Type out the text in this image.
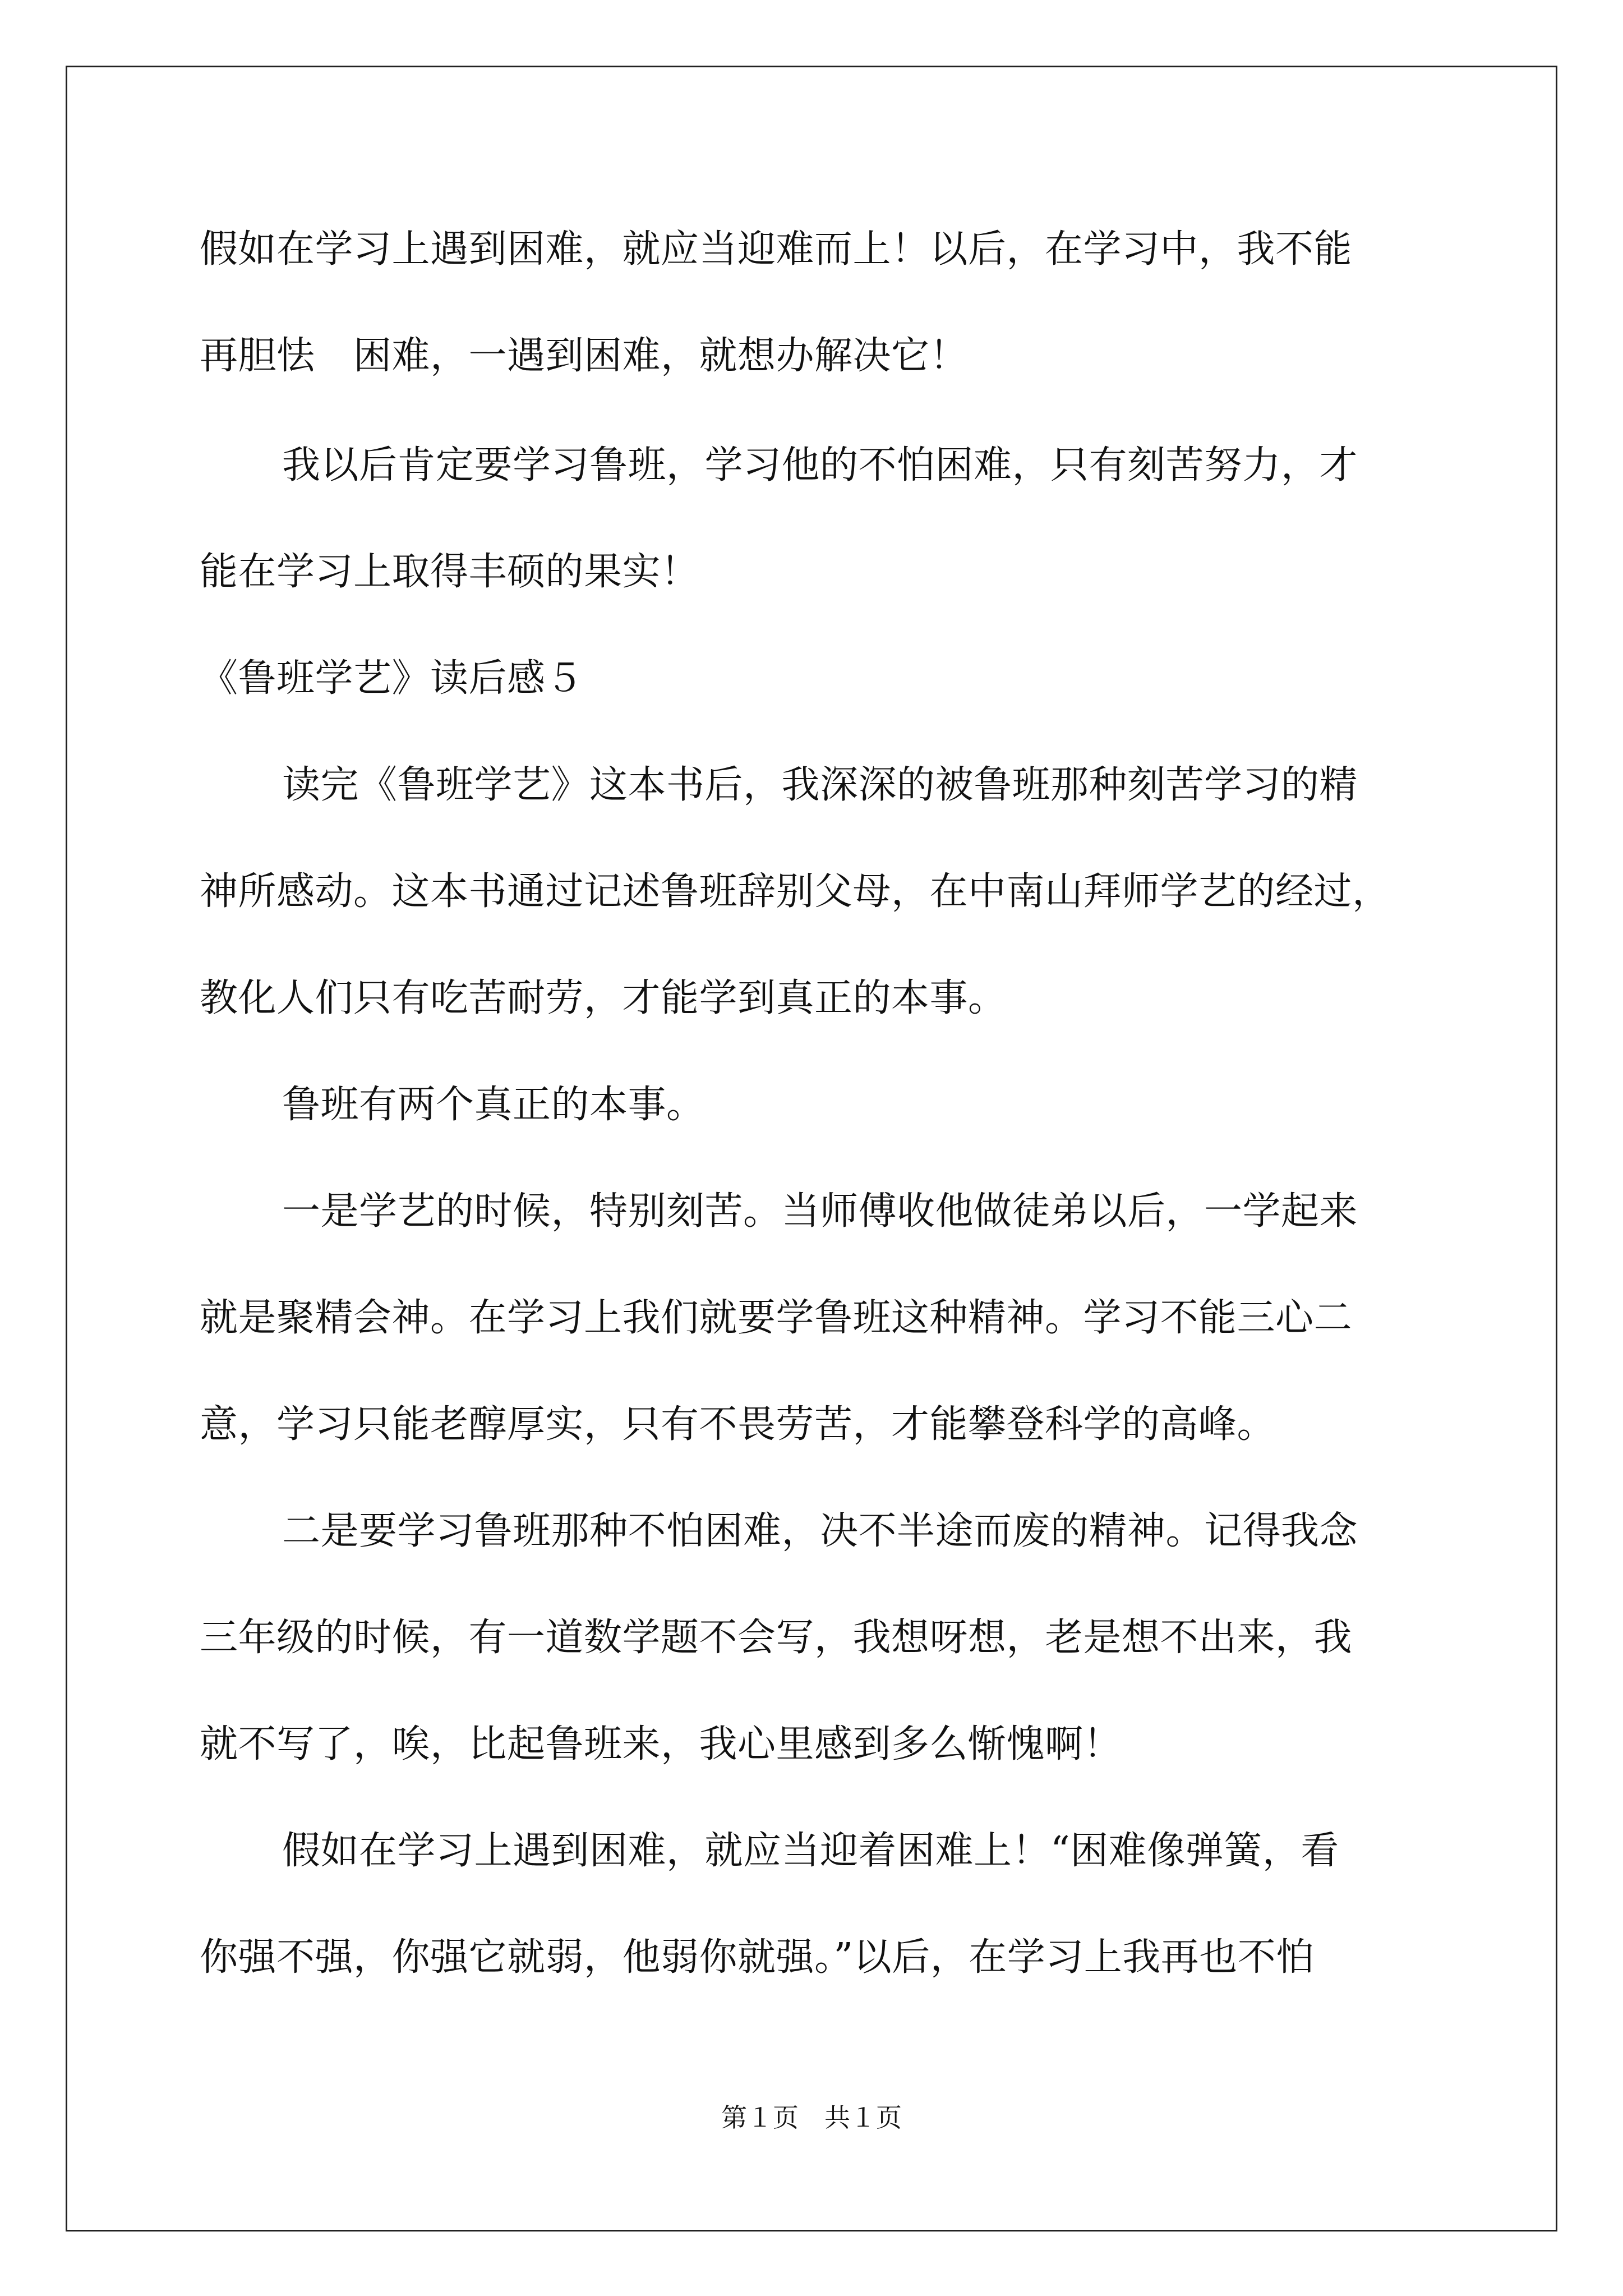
假如在学习上遇到困难，就应当迎难而上！以后，在学习中，我不能
再胆怯　困难，一遇到困难，就想办解决它！
我以后肯定要学习鲁班，学习他的不怕困难，只有刻苦努力，才
能在学习上取得丰硕的果实！
《鲁班学艺》读后感５
读完《鲁班学艺》这本书后，我深深的被鲁班那种刻苦学习的精
神所感动。这本书通过记述鲁班辞别父母，在中南山拜师学艺的经过，
教化人们只有吃苦耐劳，才能学到真正的本事。
鲁班有两个真正的本事。
一是学艺的时候，特别刻苦。当师傅收他做徒弟以后，一学起来
就是聚精会神。在学习上我们就要学鲁班这种精神。学习不能三心二
意，学习只能老醇厚实，只有不畏劳苦，才能攀登科学的高峰。
二是要学习鲁班那种不怕困难，决不半途而废的精神。记得我念
三年级的时候，有一道数学题不会写，我想呀想，老是想不出来，我
就不写了，唉，比起鲁班来，我心里感到多么惭愧啊！
假如在学习上遇到困难，就应当迎着困难上！“困难像弹簧，看
你强不强，你强它就弱，他弱你就强。”以后，在学习上我再也不怕
第１页　共１页
